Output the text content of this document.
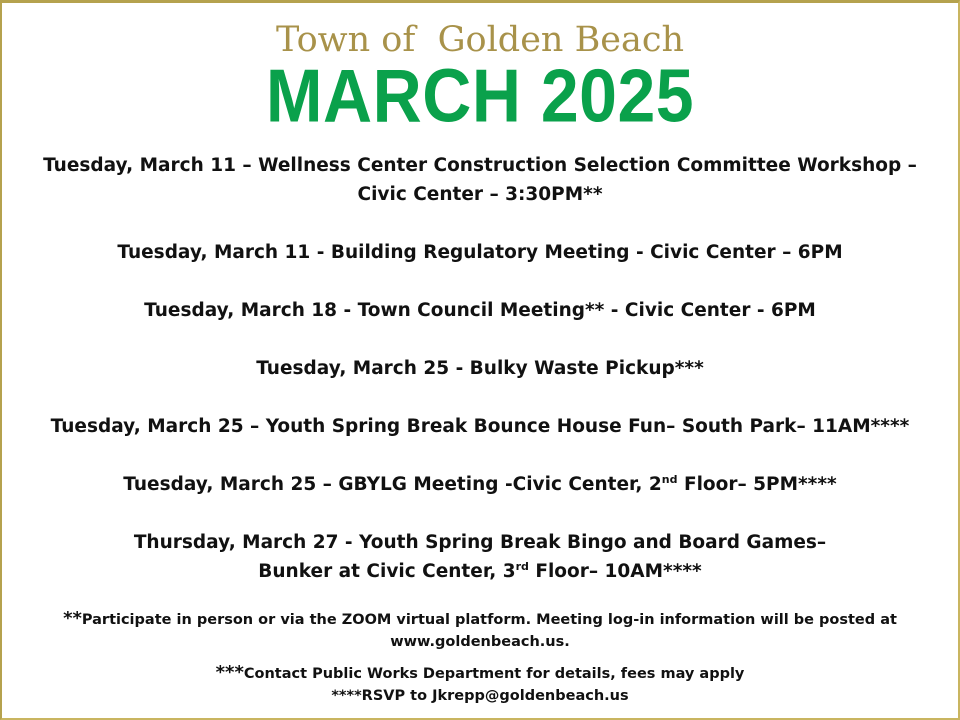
Town of  Golden Beach
MARCH 2025
Tuesday, March 11 – Wellness Center Construction Selection Committee Workshop –
Civic Center – 3:30PM**
Tuesday, March 11 - Building Regulatory Meeting - Civic Center – 6PM
Tuesday, March 18 - Town Council Meeting** - Civic Center - 6PM
Tuesday, March 25 - Bulky Waste Pickup***
Tuesday, March 25 – Youth Spring Break Bounce House Fun– South Park– 11AM****
Tuesday, March 25 – GBYLG Meeting -Civic Center, 2nd Floor– 5PM****
Thursday, March 27 - Youth Spring Break Bingo and Board Games–
Bunker at Civic Center, 3rd Floor– 10AM****
**Participate in person or via the ZOOM virtual platform. Meeting log-in information will be posted at
www.goldenbeach.us.
***Contact Public Works Department for details, fees may apply
****RSVP to Jkrepp@goldenbeach.us
